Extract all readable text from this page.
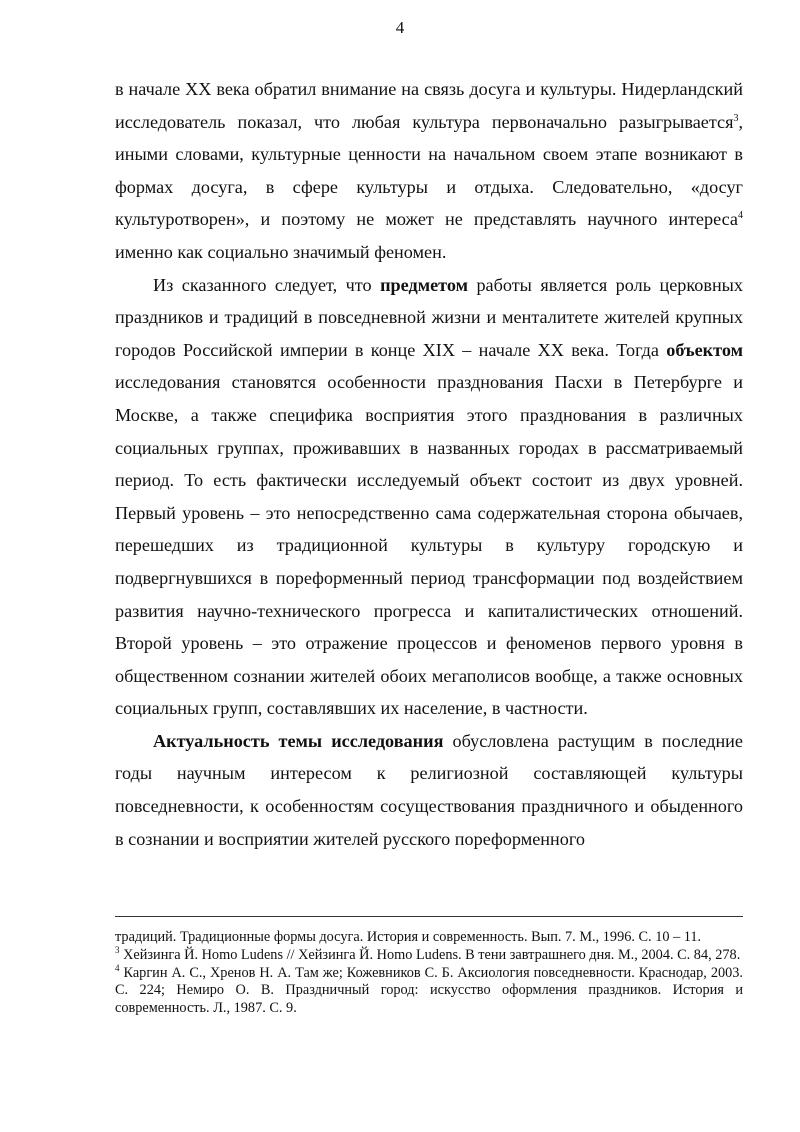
4

в начале XX века обратил внимание на связь досуга и культуры. Нидерландский исследователь показал, что любая культура первоначально разыгрывается$^3$, иными словами, культурные ценности на начальном своем этапе возникают в формах досуга, в сфере культуры и отдыха. Следовательно, «досуг культуротворен», и поэтому не может не представлять научного интереса$^4$ именно как социально значимый феномен.

Из сказанного следует, что предметом работы является роль церковных праздников и традиций в повседневной жизни и менталитете жителей крупных городов Российской империи в конце XIX – начале XX века. Тогда объектом исследования становятся особенности празднования Пасхи в Петербурге и Москве, а также специфика восприятия этого празднования в различных социальных группах, проживавших в названных городах в рассматриваемый период. То есть фактически исследуемый объект состоит из двух уровней. Первый уровень – это непосредственно сама содержательная сторона обычаев, перешедших из традиционной культуры в культуру городскую и подвергнувшихся в пореформенный период трансформации под воздействием развития научно-технического прогресса и капиталистических отношений. Второй уровень – это отражение процессов и феноменов первого уровня в общественном сознании жителей обоих мегаполисов вообще, а также основных социальных групп, составлявших их население, в частности.

Актуальность темы исследования обусловлена растущим в последние годы научным интересом к религиозной составляющей культуры повседневности, к особенностям сосуществования праздничного и обыденного в сознании и восприятии жителей русского пореформенного

традиций. Традиционные формы досуга. История и современность. Вып. 7. М., 1996. С. 10 – 11.

$^3$ Хейзинга Й. Homo Ludens // Хейзинга Й. Homo Ludens. В тени завтрашнего дня. М., 2004. С. 84, 278.

$^4$ Каргин А. С., Хренов Н. А. Там же; Кожевников С. Б. Аксиология повседневности. Краснодар, 2003. С. 224; Немиро О. В. Праздничный город: искусство оформления праздников. История и современность. Л., 1987. С. 9.
